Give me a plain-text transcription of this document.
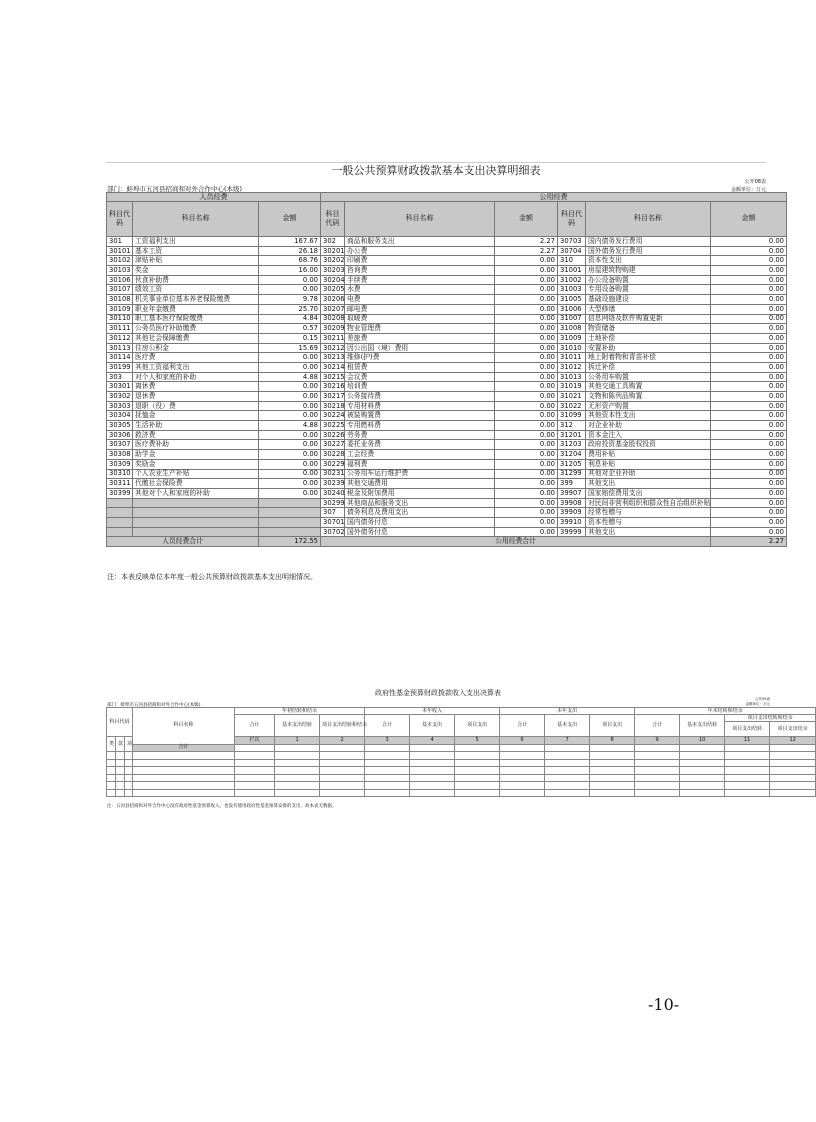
一般公共预算财政拨款基本支出决算明细表
公开08表
部门：蚌埠市五河县招商和对外合作中心(本级)	金额单位：万元
人员经费			公用经费					
科目代码	科目名称	金额	科目代码	科目名称	金额	科目代码	科目名称	金额
301	工资福利支出	167.67	302	商品和服务支出	2.27	30703	国内债务发行费用	0.00
30101	基本工资	26.18	30201	办公费	2.27	30704	国外债务发行费用	0.00
30102	津贴补贴	68.76	30202	印刷费	0.00	310	资本性支出	0.00
30103	奖金	16.00	30203	咨询费	0.00	31001	房屋建筑物购建	0.00
30106	伙食补助费	0.00	30204	手续费	0.00	31002	办公设备购置	0.00
30107	绩效工资	0.00	30205	水费	0.00	31003	专用设备购置	0.00
30108	机关事业单位基本养老保险缴费	9.78	30206	电费	0.00	31005	基础设施建设	0.00
30109	职业年金缴费	25.70	30207	邮电费	0.00	31006	大型修缮	0.00
30110	职工基本医疗保险缴费	4.84	30208	取暖费	0.00	31007	信息网络及软件购置更新	0.00
30111	公务员医疗补助缴费	0.57	30209	物业管理费	0.00	31008	物资储备	0.00
30112	其他社会保障缴费	0.15	30211	差旅费	0.00	31009	土地补偿	0.00
30113	住房公积金	15.69	30212	因公出国（境）费用	0.00	31010	安置补助	0.00
30114	医疗费	0.00	30213	维修(护)费	0.00	31011	地上附着物和青苗补偿	0.00
30199	其他工资福利支出	0.00	30214	租赁费	0.00	31012	拆迁补偿	0.00
303	对个人和家庭的补助	4.88	30215	会议费	0.00	31013	公务用车购置	0.00
30301	离休费	0.00	30216	培训费	0.00	31019	其他交通工具购置	0.00
30302	退休费	0.00	30217	公务接待费	0.00	31021	文物和陈列品购置	0.00
30303	退职（役）费	0.00	30218	专用材料费	0.00	31022	无形资产购置	0.00
30304	抚恤金	0.00	30224	被装购置费	0.00	31099	其他资本性支出	0.00
30305	生活补助	4.88	30225	专用燃料费	0.00	312	对企业补助	0.00
30306	救济费	0.00	30226	劳务费	0.00	31201	资本金注入	0.00
30307	医疗费补助	0.00	30227	委托业务费	0.00	31203	政府投资基金股权投资	0.00
30308	助学金	0.00	30228	工会经费	0.00	31204	费用补贴	0.00
30309	奖励金	0.00	30229	福利费	0.00	31205	利息补贴	0.00
30310	个人农业生产补贴	0.00	30231	公务用车运行维护费	0.00	31299	其他对企业补助	0.00
30311	代缴社会保险费	0.00	30239	其他交通费用	0.00	399	其他支出	0.00
30399	其他对个人和家庭的补助	0.00	30240	税金及附加费用	0.00	39907	国家赔偿费用支出	0.00
			30299	其他商品和服务支出	0.00	39908	对民间非营利组织和群众性自治组织补贴	0.00
			307	债务利息及费用支出	0.00	39909	经常性赠与	0.00
			30701	国内债务付息	0.00	39910	资本性赠与	0.00
			30702	国外债务付息	0.00	39999	其他支出	0.00
人员经费合计		172.55	公用经费合计					2.27
注：本表反映单位本年度一般公共预算财政拨款基本支出明细情况。
政府性基金预算财政拨款收入支出决算表
公开09表
部门：蚌埠市五河县招商和对外合作中心(本级)	金额单位：万元
科目代码			科目名称	年初结转和结余			本年收入			本年支出			年末结转和结余				
				合计	基本支出结转	项目支出结转和结余	合计	基本支出	项目支出	合计	基本支出	项目支出	合计	基本支出结转	项目支出结转和结余		
															项目支出结转	项目支出结余	
类	款	项		栏次	1	2	3	4	5	6	7	8	9	10	11	12	
			合计														

注：五河县招商和对外合作中心没有政府性基金预算收入，也没有使用政府性基金预算安排的支出，故本表无数据。
-10-
